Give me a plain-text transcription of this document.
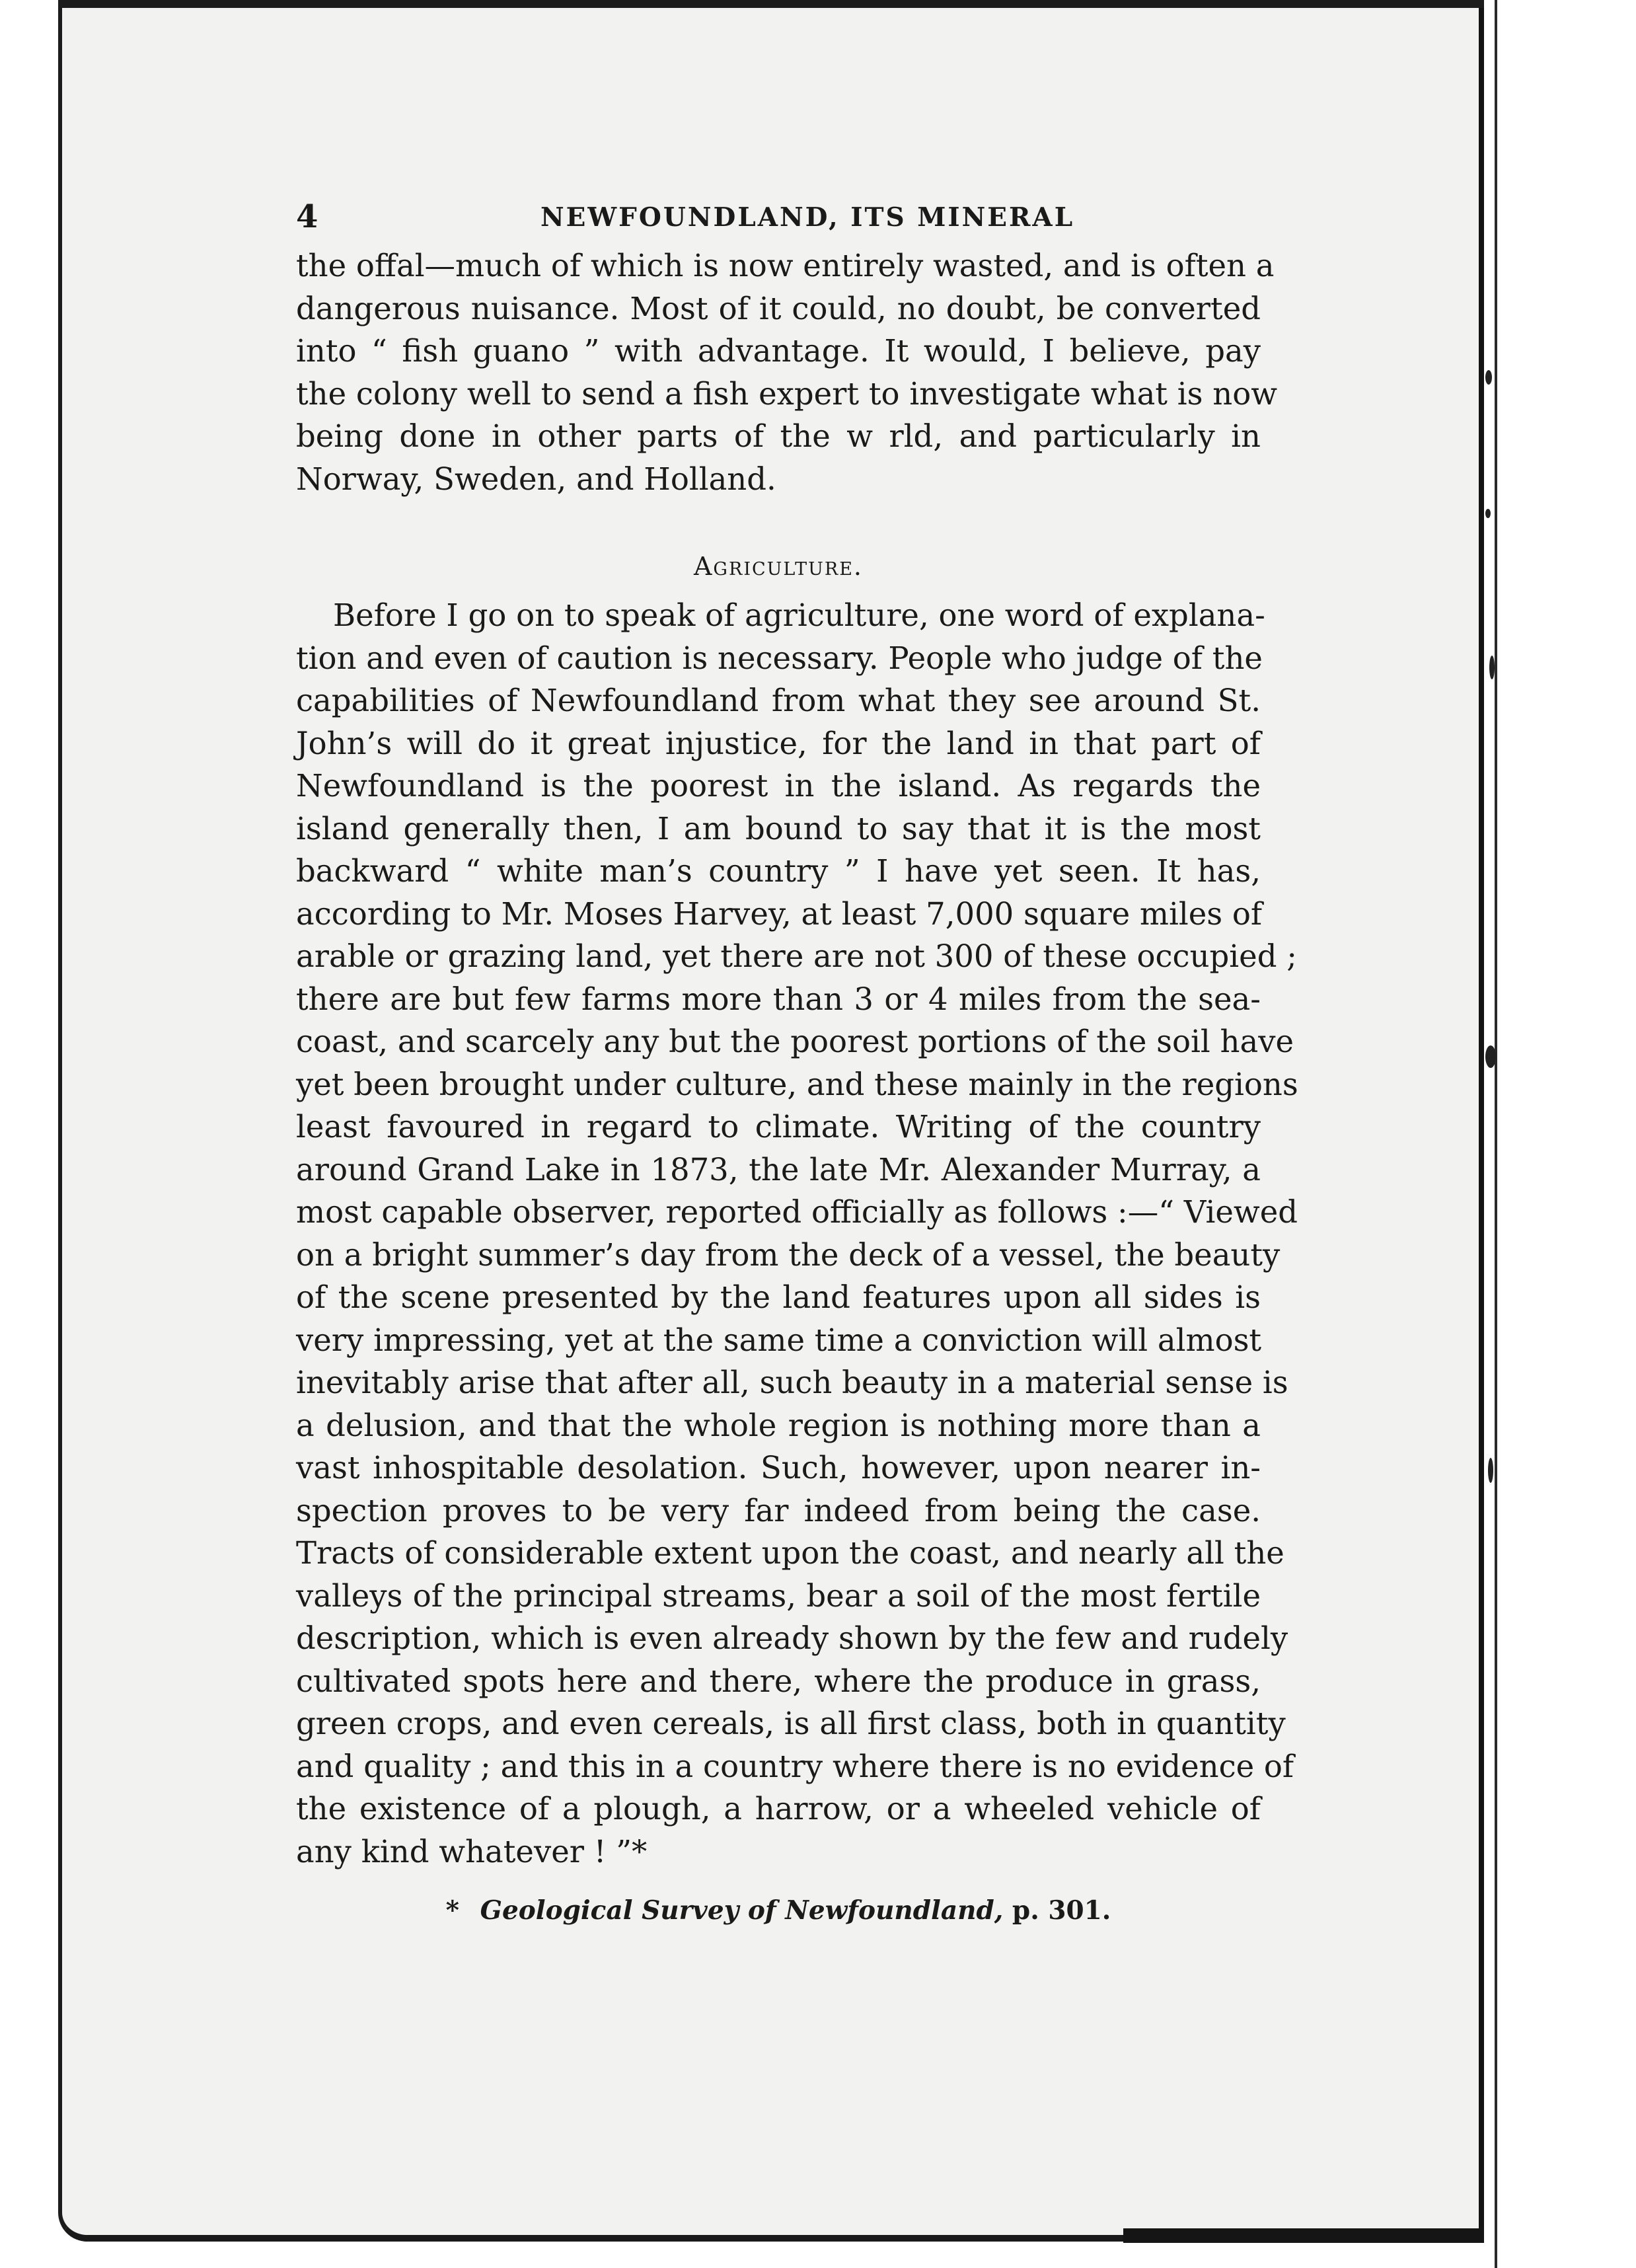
4	NEWFOUNDLAND, ITS MINERAL

the offal—much of which is now entirely wasted, and is often a
dangerous nuisance. Most of it could, no doubt, be converted
into “ fish guano ” with advantage. It would, I believe, pay
the colony well to send a fish expert to investigate what is now
being done in other parts of the w rld, and particularly in
Norway, Sweden, and Holland.

Agriculture.

Before I go on to speak of agriculture, one word of explana-
tion and even of caution is necessary. People who judge of the
capabilities of Newfoundland from what they see around St.
John’s will do it great injustice, for the land in that part of
Newfoundland is the poorest in the island. As regards the
island generally then, I am bound to say that it is the most
backward “ white man’s country ” I have yet seen. It has,
according to Mr. Moses Harvey, at least 7,000 square miles of
arable or grazing land, yet there are not 300 of these occupied ;
there are but few farms more than 3 or 4 miles from the sea-
coast, and scarcely any but the poorest portions of the soil have
yet been brought under culture, and these mainly in the regions
least favoured in regard to climate. Writing of the country
around Grand Lake in 1873, the late Mr. Alexander Murray, a
most capable observer, reported officially as follows :—“ Viewed
on a bright summer’s day from the deck of a vessel, the beauty
of the scene presented by the land features upon all sides is
very impressing, yet at the same time a conviction will almost
inevitably arise that after all, such beauty in a material sense is
a delusion, and that the whole region is nothing more than a
vast inhospitable desolation. Such, however, upon nearer in-
spection proves to be very far indeed from being the case.
Tracts of considerable extent upon the coast, and nearly all the
valleys of the principal streams, bear a soil of the most fertile
description, which is even already shown by the few and rudely
cultivated spots here and there, where the produce in grass,
green crops, and even cereals, is all first class, both in quantity
and quality ; and this in a country where there is no evidence of
the existence of a plough, a harrow, or a wheeled vehicle of
any kind whatever ! ”*

* Geological Survey of Newfoundland, p. 301.
